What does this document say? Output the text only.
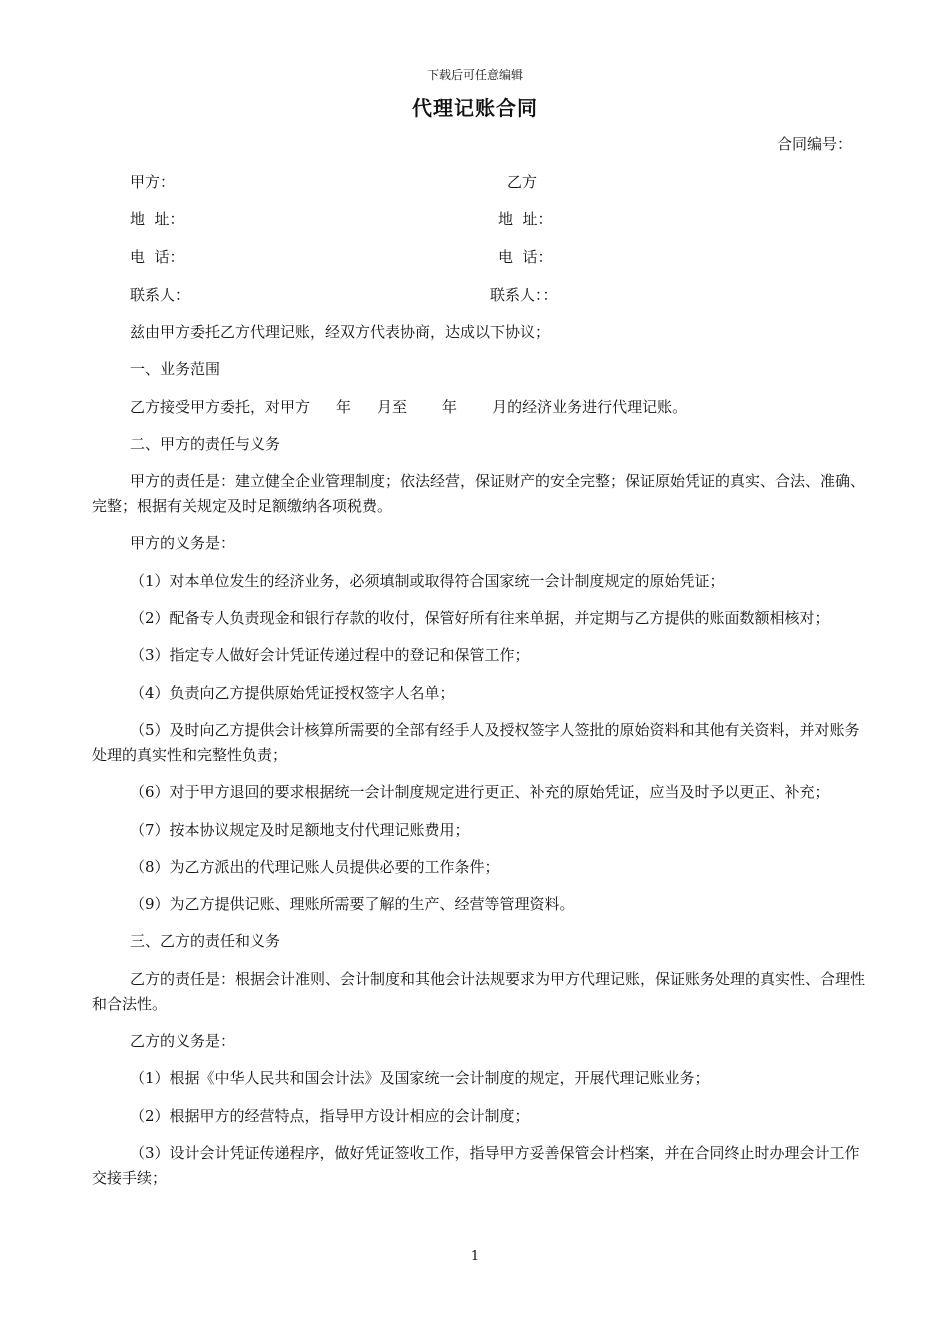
下载后可任意编辑
代理记账合同
合同编号：
甲方：	乙方
地  址：	地  址：
电  话：	电  话：
联系人：	联系人：：

兹由甲方委托乙方代理记账，经双方代表协商，达成以下协议；

一、业务范围

乙方接受甲方委托，对甲方 年 月至 年 月的经济业务进行代理记账。

二、甲方的责任与义务

甲方的责任是：建立健全企业管理制度；依法经营，保证财产的安全完整；保证原始凭证的真实、合法、准确、完整；根据有关规定及时足额缴纳各项税费。

甲方的义务是：

（1）对本单位发生的经济业务，必须填制或取得符合国家统一会计制度规定的原始凭证；

（2）配备专人负责现金和银行存款的收付，保管好所有往来单据，并定期与乙方提供的账面数额相核对；

（3）指定专人做好会计凭证传递过程中的登记和保管工作；

（4）负责向乙方提供原始凭证授权签字人名单；

（5）及时向乙方提供会计核算所需要的全部有经手人及授权签字人签批的原始资料和其他有关资料，并对账务处理的真实性和完整性负责；

（6）对于甲方退回的要求根据统一会计制度规定进行更正、补充的原始凭证，应当及时予以更正、补充；

（7）按本协议规定及时足额地支付代理记账费用；

（8）为乙方派出的代理记账人员提供必要的工作条件；

（9）为乙方提供记账、理账所需要了解的生产、经营等管理资料。

三、乙方的责任和义务

乙方的责任是：根据会计准则、会计制度和其他会计法规要求为甲方代理记账，保证账务处理的真实性、合理性和合法性。

乙方的义务是：

（1）根据《中华人民共和国会计法》及国家统一会计制度的规定，开展代理记账业务；

（2）根据甲方的经营特点，指导甲方设计相应的会计制度；

（3）设计会计凭证传递程序，做好凭证签收工作，指导甲方妥善保管会计档案，并在合同终止时办理会计工作交接手续；

1
